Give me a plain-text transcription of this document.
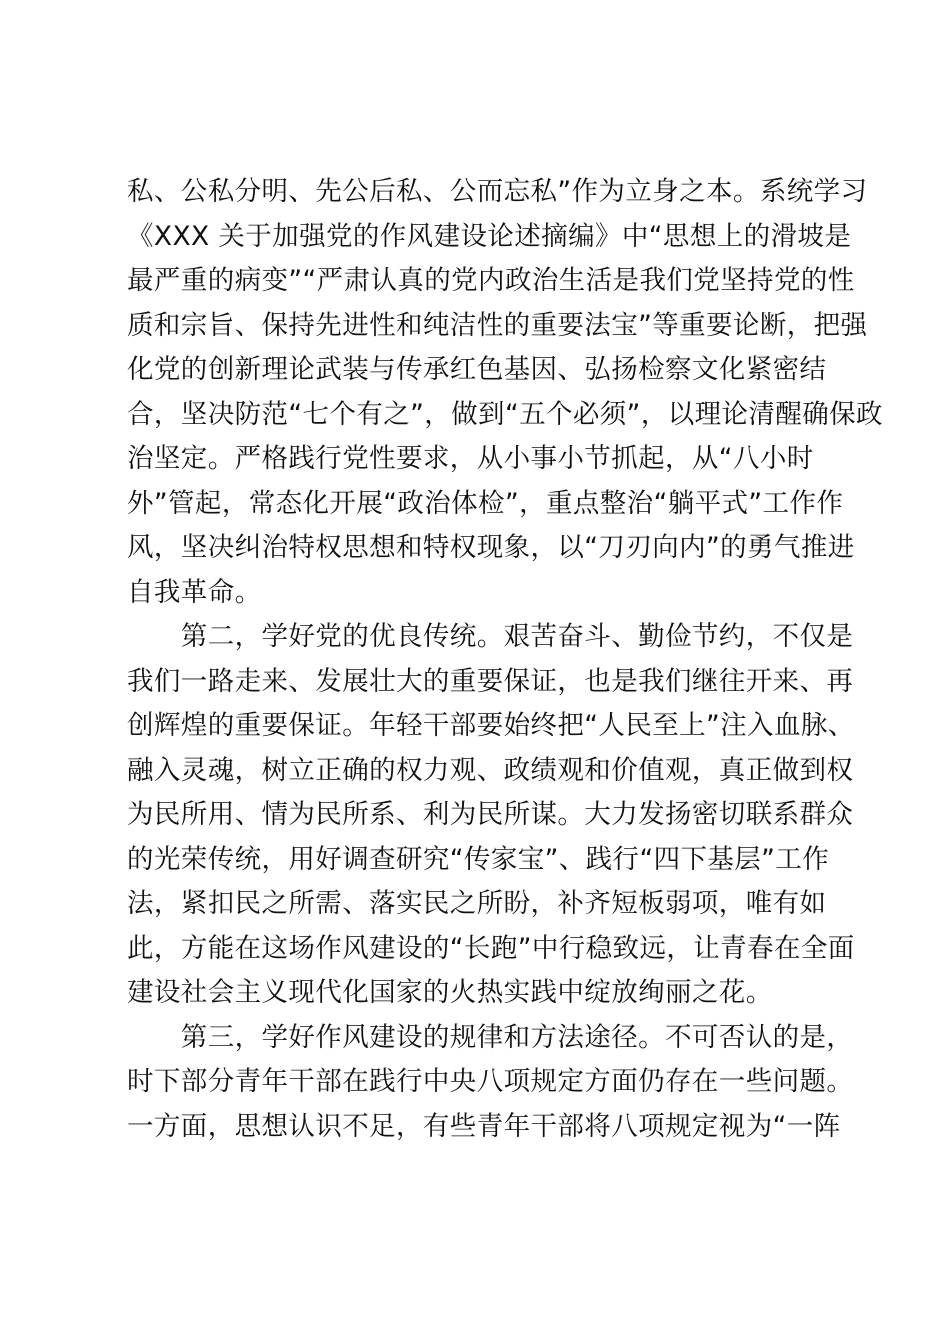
私、公私分明、先公后私、公而忘私”作为立身之本。系统学习
《XXX 关于加强党的作风建设论述摘编》中“思想上的滑坡是
最严重的病变”“严肃认真的党内政治生活是我们党坚持党的性
质和宗旨、保持先进性和纯洁性的重要法宝”等重要论断，把强
化党的创新理论武装与传承红色基因、弘扬检察文化紧密结
合，坚决防范“七个有之”，做到“五个必须”，以理论清醒确保政
治坚定。严格践行党性要求，从小事小节抓起，从“八小时
外”管起，常态化开展“政治体检”，重点整治“躺平式”工作作
风，坚决纠治特权思想和特权现象，以“刀刃向内”的勇气推进
自我革命。
　　第二，学好党的优良传统。艰苦奋斗、勤俭节约，不仅是
我们一路走来、发展壮大的重要保证，也是我们继往开来、再
创辉煌的重要保证。年轻干部要始终把“人民至上”注入血脉、
融入灵魂，树立正确的权力观、政绩观和价值观，真正做到权
为民所用、情为民所系、利为民所谋。大力发扬密切联系群众
的光荣传统，用好调查研究“传家宝”、践行“四下基层”工作
法，紧扣民之所需、落实民之所盼，补齐短板弱项，唯有如
此，方能在这场作风建设的“长跑”中行稳致远，让青春在全面
建设社会主义现代化国家的火热实践中绽放绚丽之花。
　　第三，学好作风建设的规律和方法途径。不可否认的是，
时下部分青年干部在践行中央八项规定方面仍存在一些问题。
一方面，思想认识不足，有些青年干部将八项规定视为“一阵
